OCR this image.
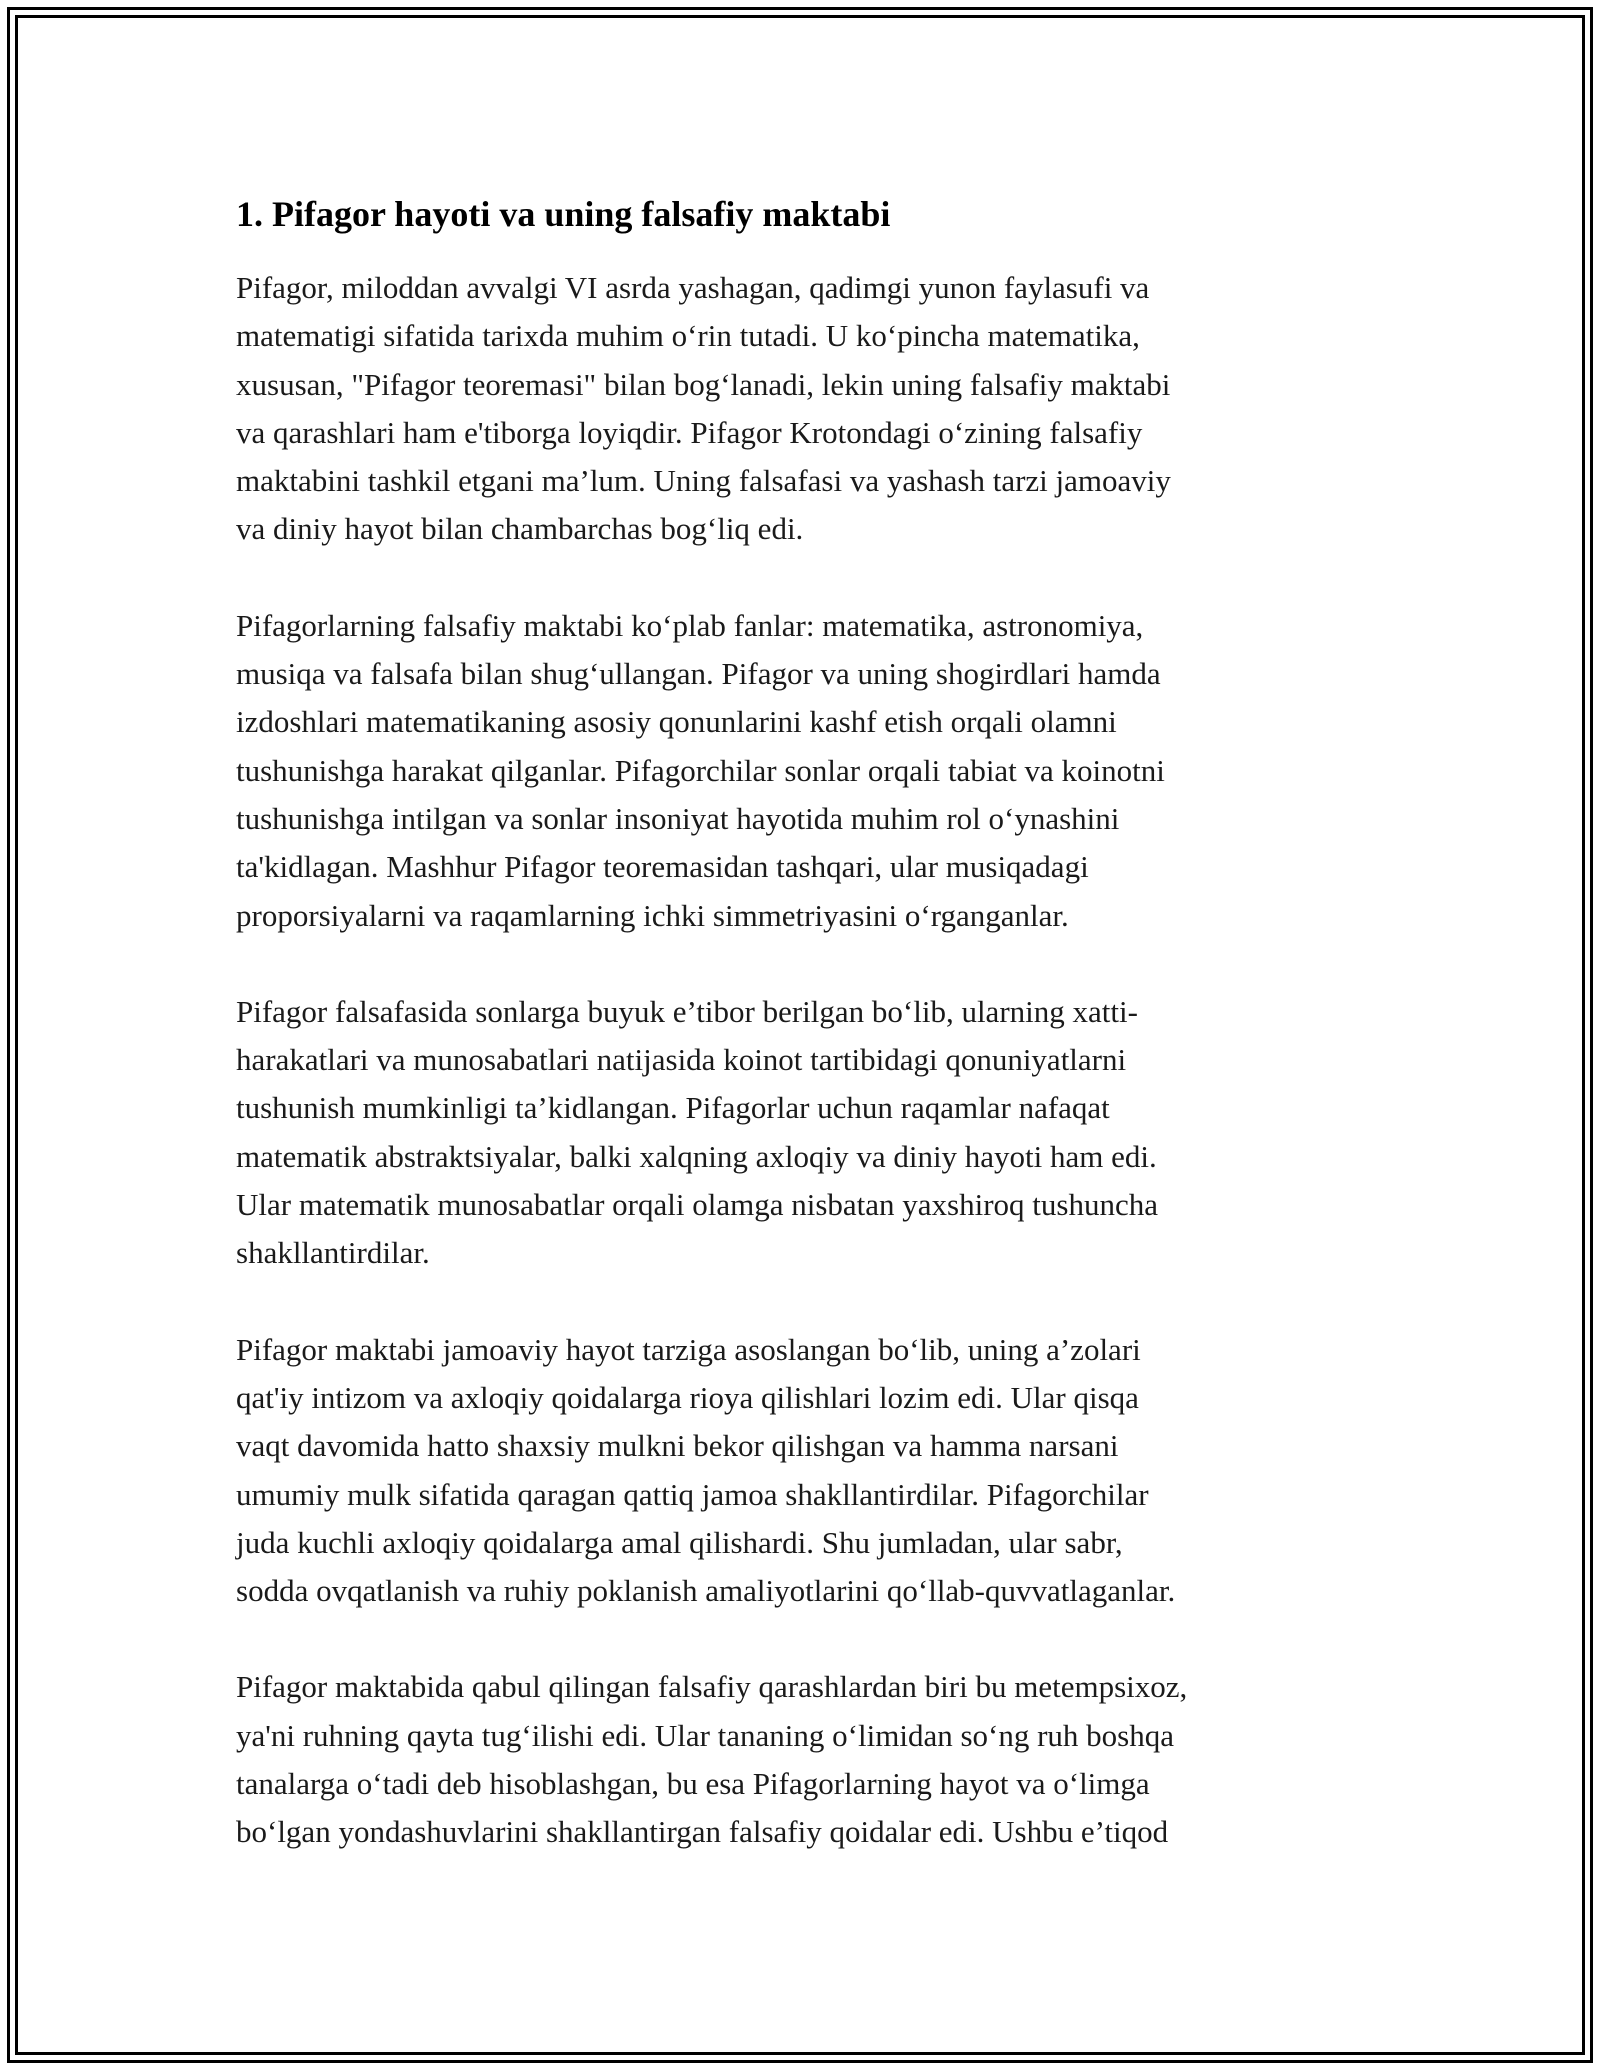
1. Pifagor hayoti va uning falsafiy maktabi
Pifagor, miloddan avvalgi VI asrda yashagan, qadimgi yunon faylasufi va
matematigi sifatida tarixda muhim o‘rin tutadi. U ko‘pincha matematika,
xususan, "Pifagor teoremasi" bilan bog‘lanadi, lekin uning falsafiy maktabi
va qarashlari ham e'tiborga loyiqdir. Pifagor Krotondagi o‘zining falsafiy
maktabini tashkil etgani ma’lum. Uning falsafasi va yashash tarzi jamoaviy
va diniy hayot bilan chambarchas bog‘liq edi.
Pifagorlarning falsafiy maktabi ko‘plab fanlar: matematika, astronomiya,
musiqa va falsafa bilan shug‘ullangan. Pifagor va uning shogirdlari hamda
izdoshlari matematikaning asosiy qonunlarini kashf etish orqali olamni
tushunishga harakat qilganlar. Pifagorchilar sonlar orqali tabiat va koinotni
tushunishga intilgan va sonlar insoniyat hayotida muhim rol o‘ynashini
ta'kidlagan. Mashhur Pifagor teoremasidan tashqari, ular musiqadagi
proporsiyalarni va raqamlarning ichki simmetriyasini o‘rganganlar.
Pifagor falsafasida sonlarga buyuk e’tibor berilgan bo‘lib, ularning xatti-
harakatlari va munosabatlari natijasida koinot tartibidagi qonuniyatlarni
tushunish mumkinligi ta’kidlangan. Pifagorlar uchun raqamlar nafaqat
matematik abstraktsiyalar, balki xalqning axloqiy va diniy hayoti ham edi.
Ular matematik munosabatlar orqali olamga nisbatan yaxshiroq tushuncha
shakllantirdilar.
Pifagor maktabi jamoaviy hayot tarziga asoslangan bo‘lib, uning a’zolari
qat'iy intizom va axloqiy qoidalarga rioya qilishlari lozim edi. Ular qisqa
vaqt davomida hatto shaxsiy mulkni bekor qilishgan va hamma narsani
umumiy mulk sifatida qaragan qattiq jamoa shakllantirdilar. Pifagorchilar
juda kuchli axloqiy qoidalarga amal qilishardi. Shu jumladan, ular sabr,
sodda ovqatlanish va ruhiy poklanish amaliyotlarini qo‘llab-quvvatlaganlar.
Pifagor maktabida qabul qilingan falsafiy qarashlardan biri bu metempsixoz,
ya'ni ruhning qayta tug‘ilishi edi. Ular tananing o‘limidan so‘ng ruh boshqa
tanalarga o‘tadi deb hisoblashgan, bu esa Pifagorlarning hayot va o‘limga
bo‘lgan yondashuvlarini shakllantirgan falsafiy qoidalar edi. Ushbu e’tiqod
